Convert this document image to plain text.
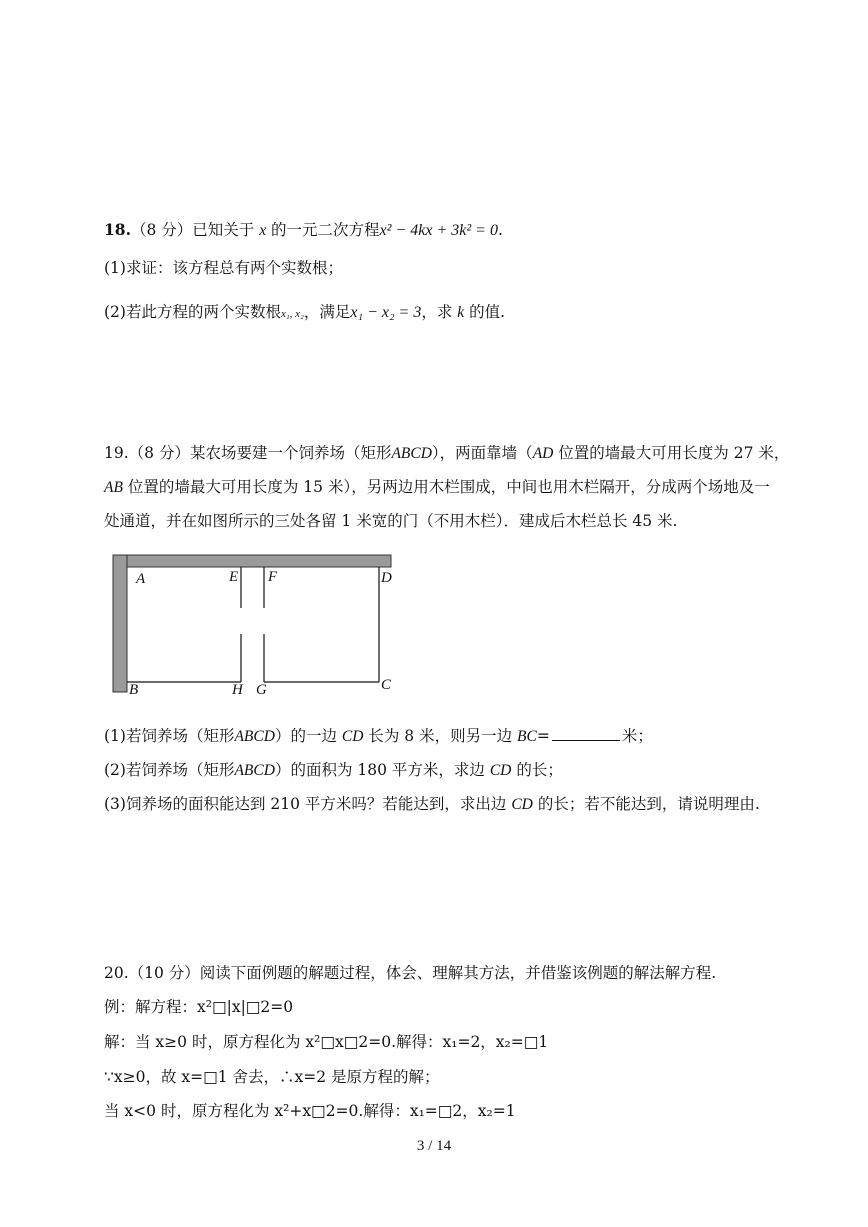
18.（8 分）已知关于 x 的一元二次方程x² − 4kx + 3k² = 0.
(1)求证：该方程总有两个实数根；
(2)若此方程的两个实数根x₁, x₂，满足x₁ − x₂ = 3，求 k 的值.
19.（8 分）某农场要建一个饲养场（矩形ABCD），两面靠墙（AD 位置的墙最大可用长度为 27 米，
AB 位置的墙最大可用长度为 15 米），另两边用木栏围成，中间也用木栏隔开，分成两个场地及一
处通道，并在如图所示的三处各留 1 米宽的门（不用木栏）．建成后木栏总长 45 米.
A	E F	D
B	H G	C
(1)若饲养场（矩形ABCD）的一边 CD 长为 8 米，则另一边 BC=	米；
(2)若饲养场（矩形ABCD）的面积为 180 平方米，求边 CD 的长；
(3)饲养场的面积能达到 210 平方米吗？若能达到，求出边 CD 的长；若不能达到，请说明理由.
20.（10 分）阅读下面例题的解题过程，体会、理解其方法，并借鉴该例题的解法解方程.
例：解方程：x²□|x|□2=0
解：当 x≥0 时，原方程化为 x²□x□2=0.解得：x₁=2，x₂=□1
∵x≥0，故 x=□1 舍去，∴x=2 是原方程的解；
当 x<0 时，原方程化为 x²+x□2=0.解得：x₁=□2，x₂=1
3 / 14
